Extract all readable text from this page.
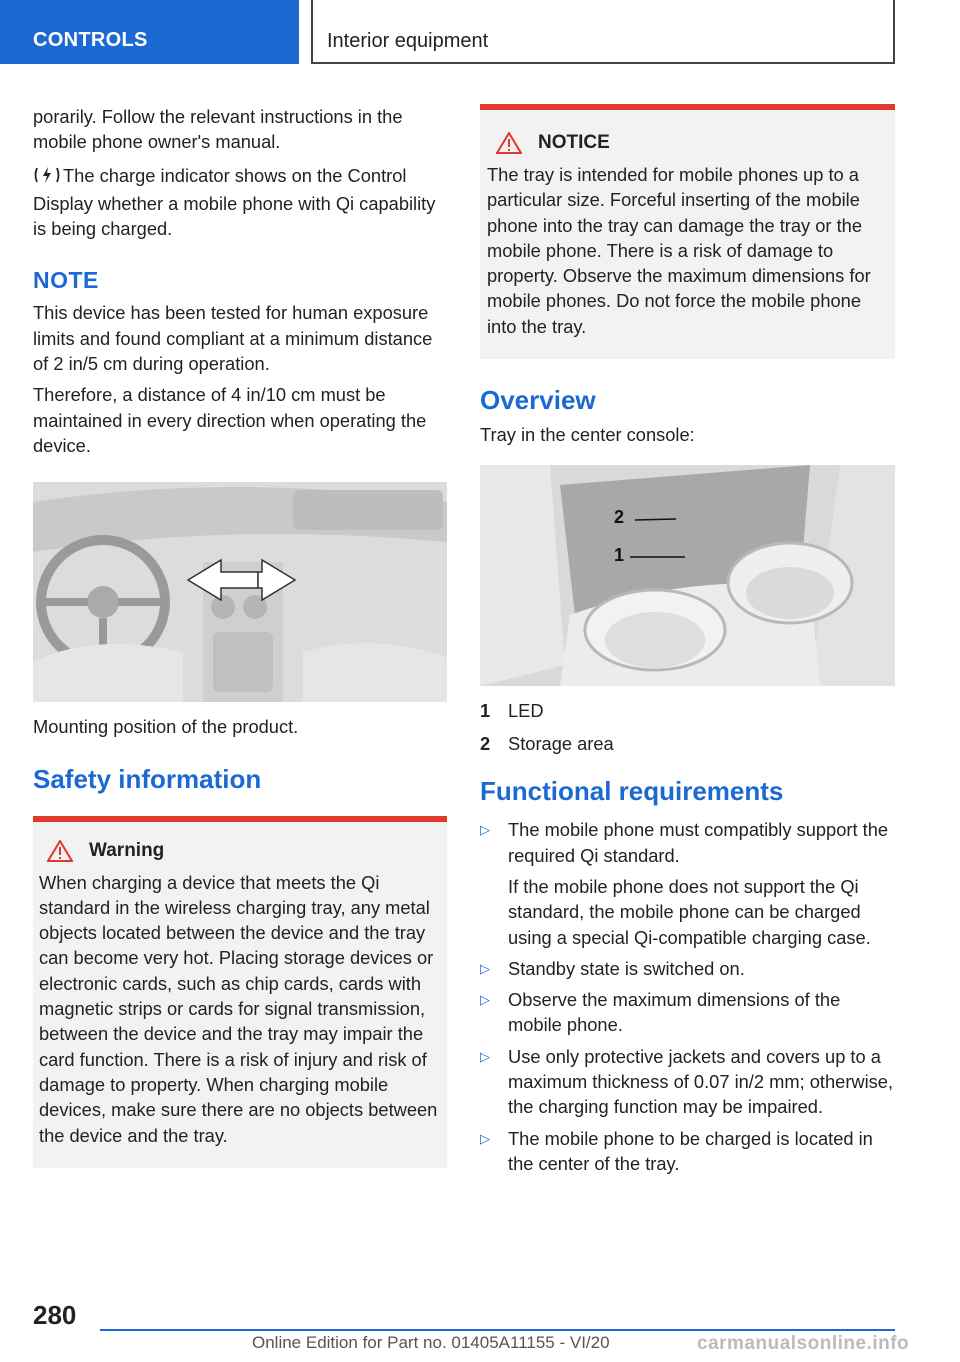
CONTROLS	Interior equipment

porarily. Follow the relevant instructions in the mobile phone owner's manual.

The charge indicator shows on the Control Display whether a mobile phone with Qi capability is being charged.

NOTE

This device has been tested for human exposure limits and found compliant at a minimum distance of 2 in/5 cm during operation.

Therefore, a distance of 4 in/10 cm must be maintained in every direction when operating the device.

Mounting position of the product.

Safety information
Warning

When charging a device that meets the Qi standard in the wireless charging tray, any metal objects located between the device and the tray can become very hot. Placing storage devices or electronic cards, such as chip cards, cards with magnetic strips or cards for signal transmission, between the device and the tray may impair the card function. There is a risk of injury and risk of damage to property. When charging mobile devices, make sure there are no objects between the device and the tray.

NOTICE

The tray is intended for mobile phones up to a particular size. Forceful inserting of the mobile phone into the tray can damage the tray or the mobile phone. There is a risk of damage to property. Observe the maximum dimensions for mobile phones. Do not force the mobile phone into the tray.

Overview

Tray in the center console:

2
1
1 LED
2 Storage area
Functional requirements
▷ The mobile phone must compatibly support the required Qi standard.

If the mobile phone does not support the Qi standard, the mobile phone can be charged using a special Qi-compatible charging case.

▷ Standby state is switched on.

▷ Observe the maximum dimensions of the mobile phone.

▷ Use only protective jackets and covers up to a maximum thickness of 0.07 in/2 mm; otherwise, the charging function may be impaired.

▷ The mobile phone to be charged is located in the center of the tray.

280
Online Edition for Part no. 01405A11155 - VI/20	carmanualsonline.info
